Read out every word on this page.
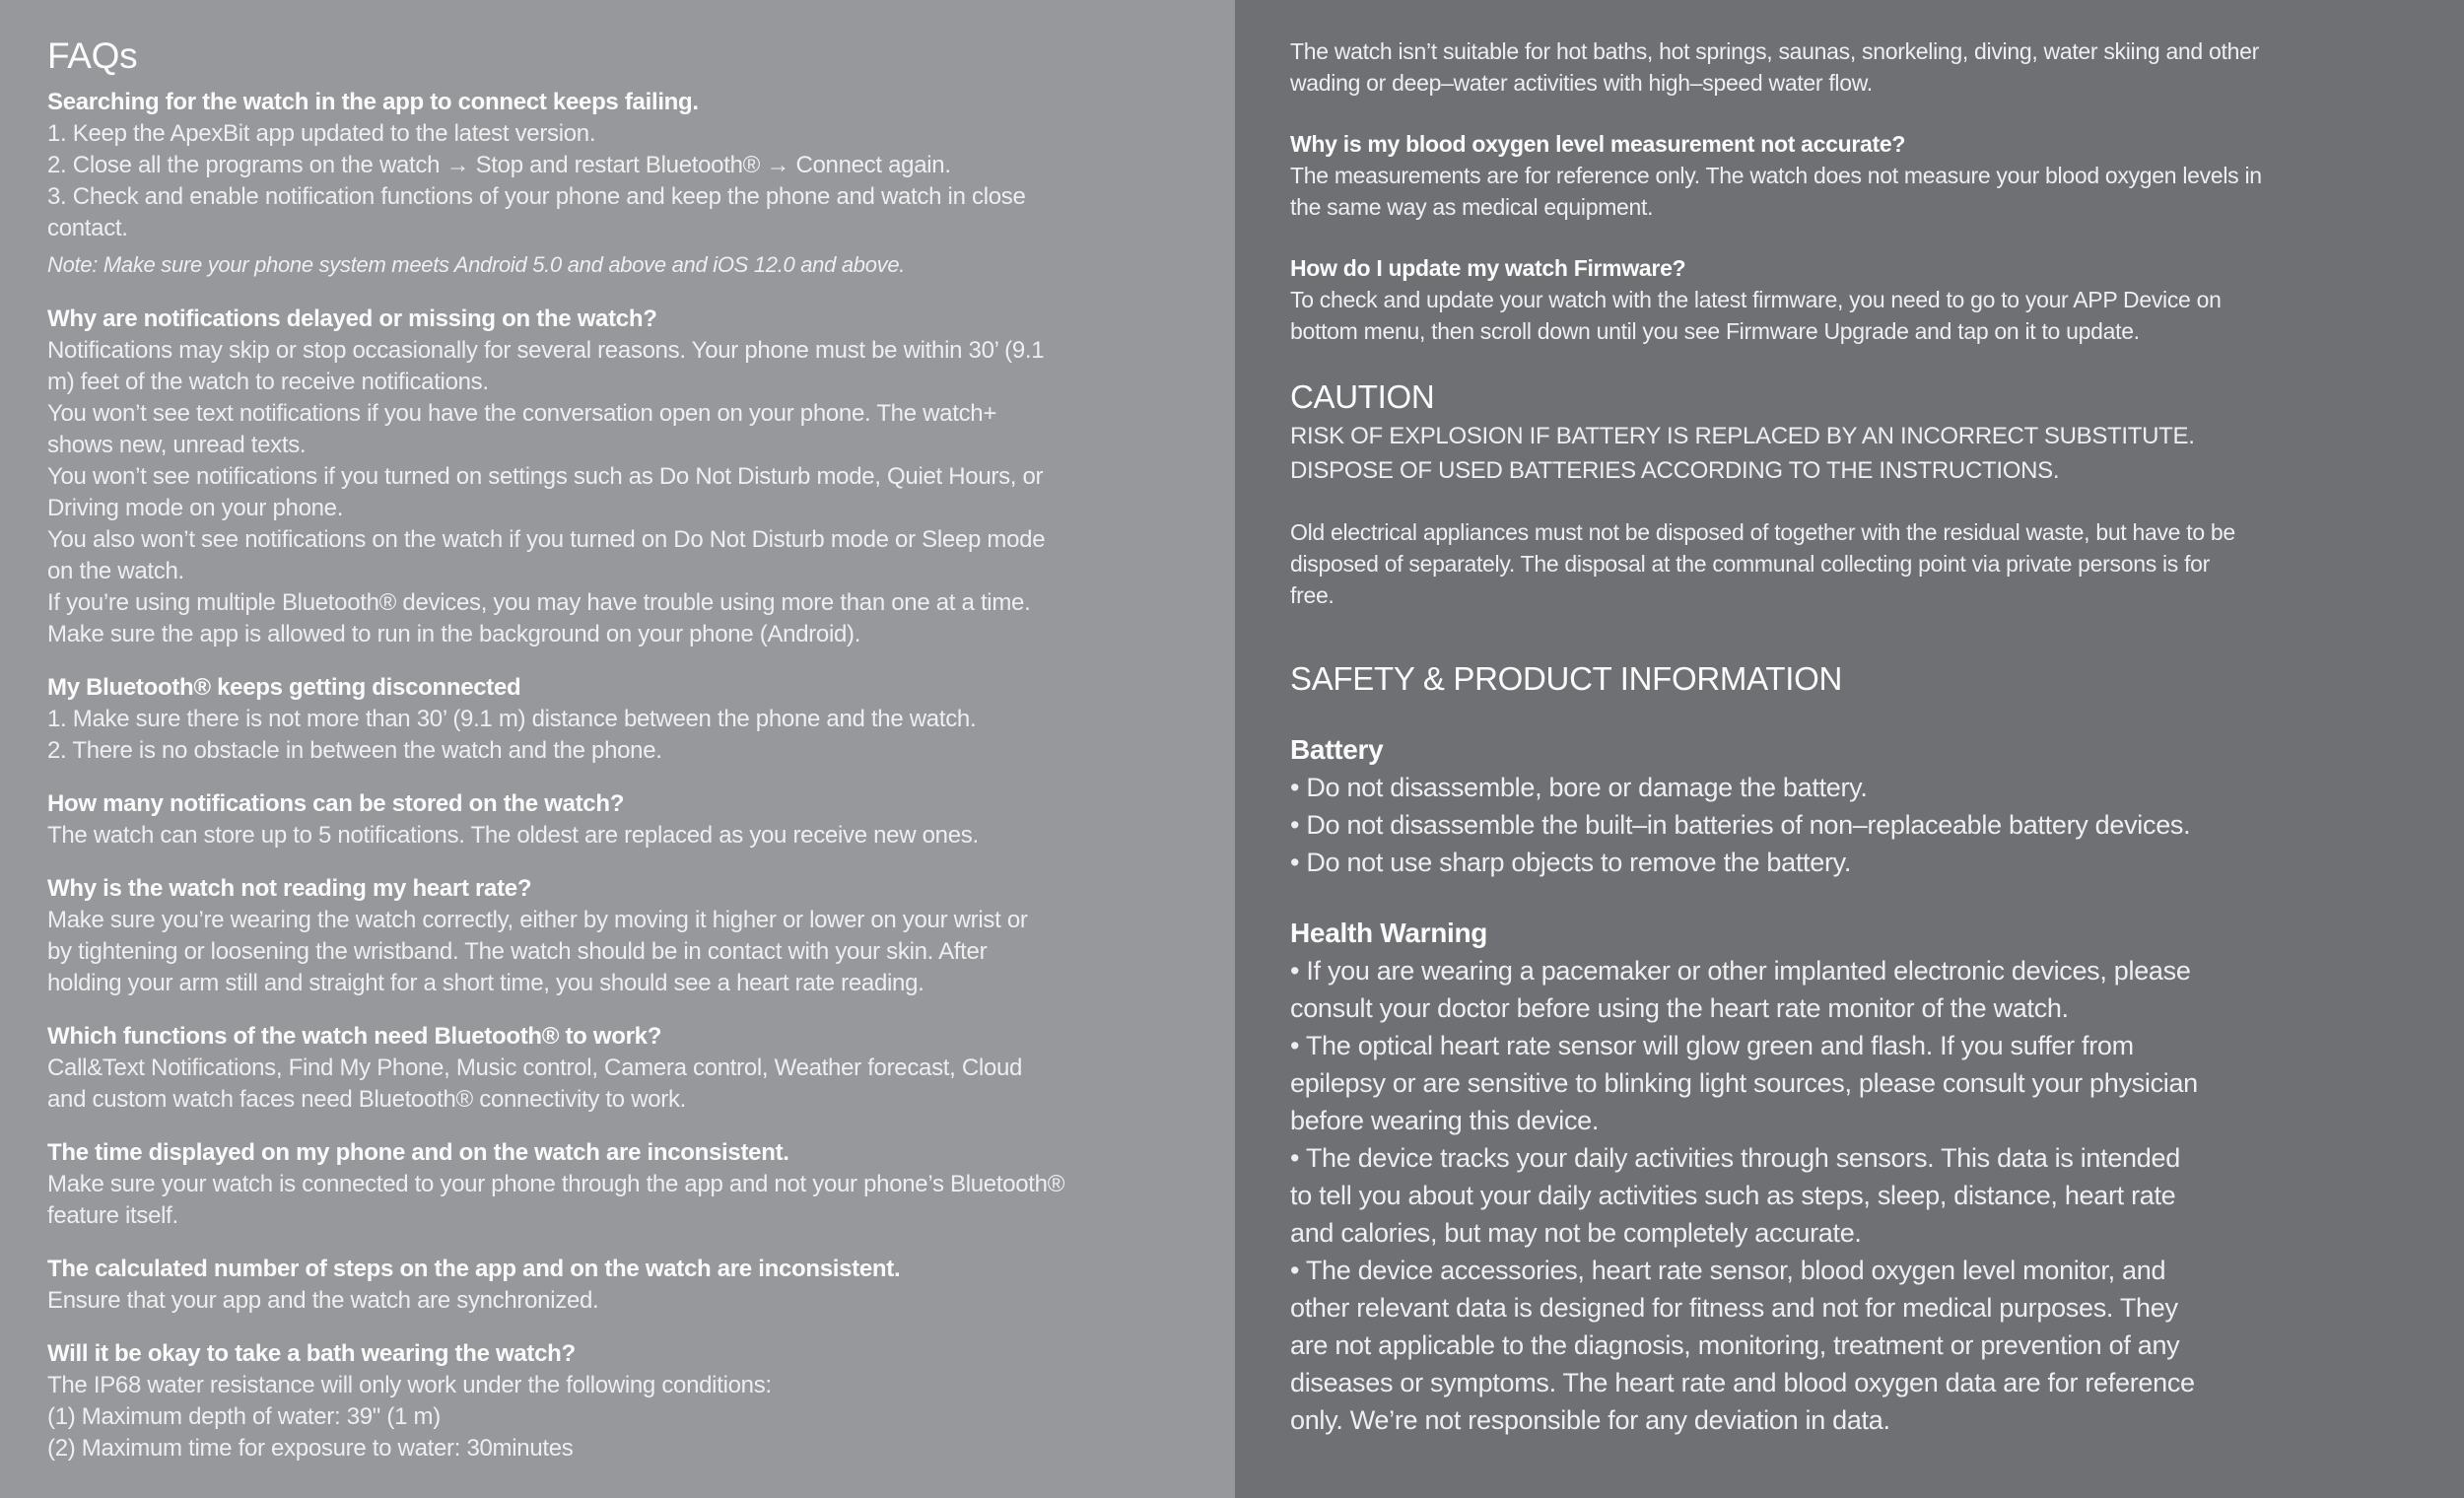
FAQs
Searching for the watch in the app to connect keeps failing.
1. Keep the ApexBit app updated to the latest version.
2. Close all the programs on the watch → Stop and restart Bluetooth® → Connect again.
3. Check and enable notification functions of your phone and keep the phone and watch in close
contact.
Note: Make sure your phone system meets Android 5.0 and above and iOS 12.0 and above.
Why are notifications delayed or missing on the watch?
Notifications may skip or stop occasionally for several reasons. Your phone must be within 30’ (9.1
m) feet of the watch to receive notifications.
You won’t see text notifications if you have the conversation open on your phone. The watch+
shows new, unread texts.
You won’t see notifications if you turned on settings such as Do Not Disturb mode, Quiet Hours, or
Driving mode on your phone.
You also won’t see notifications on the watch if you turned on Do Not Disturb mode or Sleep mode
on the watch.
If you’re using multiple Bluetooth® devices, you may have trouble using more than one at a time.
Make sure the app is allowed to run in the background on your phone (Android).
My Bluetooth® keeps getting disconnected
1. Make sure there is not more than 30’ (9.1 m) distance between the phone and the watch.
2. There is no obstacle in between the watch and the phone.
How many notifications can be stored on the watch?
The watch can store up to 5 notifications. The oldest are replaced as you receive new ones.
Why is the watch not reading my heart rate?
Make sure you’re wearing the watch correctly, either by moving it higher or lower on your wrist or
by tightening or loosening the wristband. The watch should be in contact with your skin. After
holding your arm still and straight for a short time, you should see a heart rate reading.
Which functions of the watch need Bluetooth® to work?
Call&Text Notifications, Find My Phone, Music control, Camera control, Weather forecast, Cloud
and custom watch faces need Bluetooth® connectivity to work.
The time displayed on my phone and on the watch are inconsistent.
Make sure your watch is connected to your phone through the app and not your phone’s Bluetooth®
feature itself.
The calculated number of steps on the app and on the watch are inconsistent.
Ensure that your app and the watch are synchronized.
Will it be okay to take a bath wearing the watch?
The IP68 water resistance will only work under the following conditions:
(1) Maximum depth of water: 39" (1 m)
(2) Maximum time for exposure to water: 30minutes
The watch isn’t suitable for hot baths, hot springs, saunas, snorkeling, diving, water skiing and other
wading or deep–water activities with high–speed water flow.
Why is my blood oxygen level measurement not accurate?
The measurements are for reference only. The watch does not measure your blood oxygen levels in
the same way as medical equipment.
How do I update my watch Firmware?
To check and update your watch with the latest firmware, you need to go to your APP Device on
bottom menu, then scroll down until you see Firmware Upgrade and tap on it to update.
CAUTION
RISK OF EXPLOSION IF BATTERY IS REPLACED BY AN INCORRECT SUBSTITUTE.
DISPOSE OF USED BATTERIES ACCORDING TO THE INSTRUCTIONS.
Old electrical appliances must not be disposed of together with the residual waste, but have to be
disposed of separately. The disposal at the communal collecting point via private persons is for
free.
SAFETY & PRODUCT INFORMATION
Battery
• Do not disassemble, bore or damage the battery.
• Do not disassemble the built–in batteries of non–replaceable battery devices.
• Do not use sharp objects to remove the battery.
Health Warning
• If you are wearing a pacemaker or other implanted electronic devices, please
consult your doctor before using the heart rate monitor of the watch.
• The optical heart rate sensor will glow green and flash. If you suffer from
epilepsy or are sensitive to blinking light sources, please consult your physician
before wearing this device.
• The device tracks your daily activities through sensors. This data is intended
to tell you about your daily activities such as steps, sleep, distance, heart rate
and calories, but may not be completely accurate.
• The device accessories, heart rate sensor, blood oxygen level monitor, and
other relevant data is designed for fitness and not for medical purposes. They
are not applicable to the diagnosis, monitoring, treatment or prevention of any
diseases or symptoms. The heart rate and blood oxygen data are for reference
only. We’re not responsible for any deviation in data.
